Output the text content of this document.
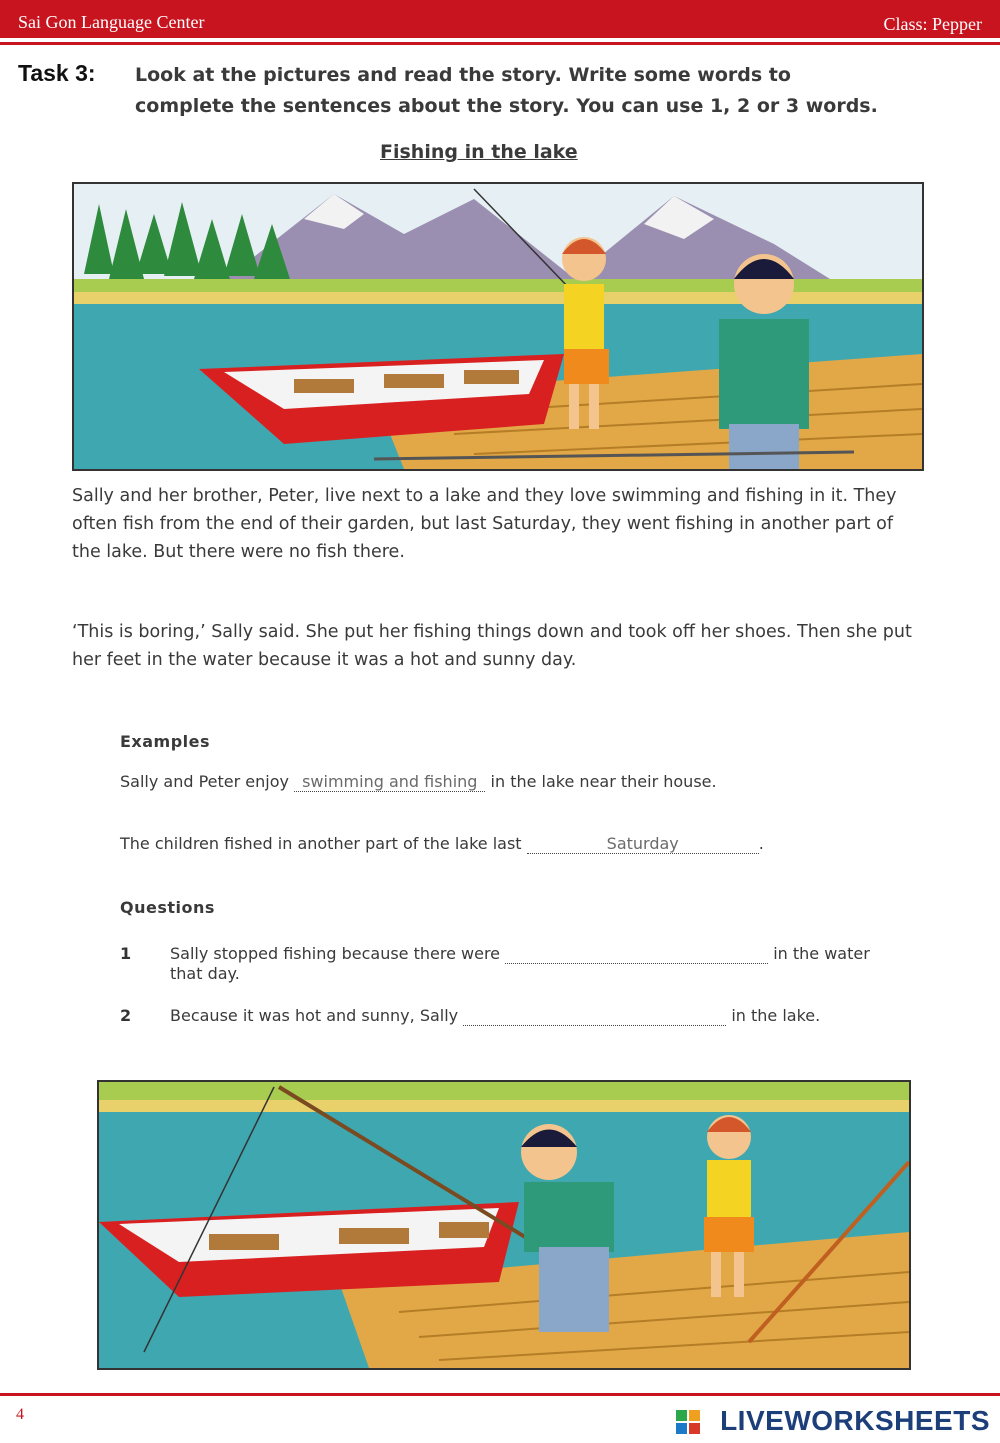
Sai Gon Language Center	Class: Pepper
Task 3: Look at the pictures and read the story. Write some words to complete the sentences about the story. You can use 1, 2 or 3 words.
Fishing in the lake
Sally and her brother, Peter, live next to a lake and they love swimming and fishing in it. They often fish from the end of their garden, but last Saturday, they went fishing in another part of the lake. But there were no fish there.
‘This is boring,’ Sally said. She put her fishing things down and took off her shoes. Then she put her feet in the water because it was a hot and sunny day.
Examples
Sally and Peter enjoy swimming and fishing in the lake near their house.
The children fished in another part of the lake last	Saturday	.
Questions
1 Sally stopped fishing because there were	in the water that day.
2 Because it was hot and sunny, Sally	in the lake.
4	LIVEWORKSHEETS
